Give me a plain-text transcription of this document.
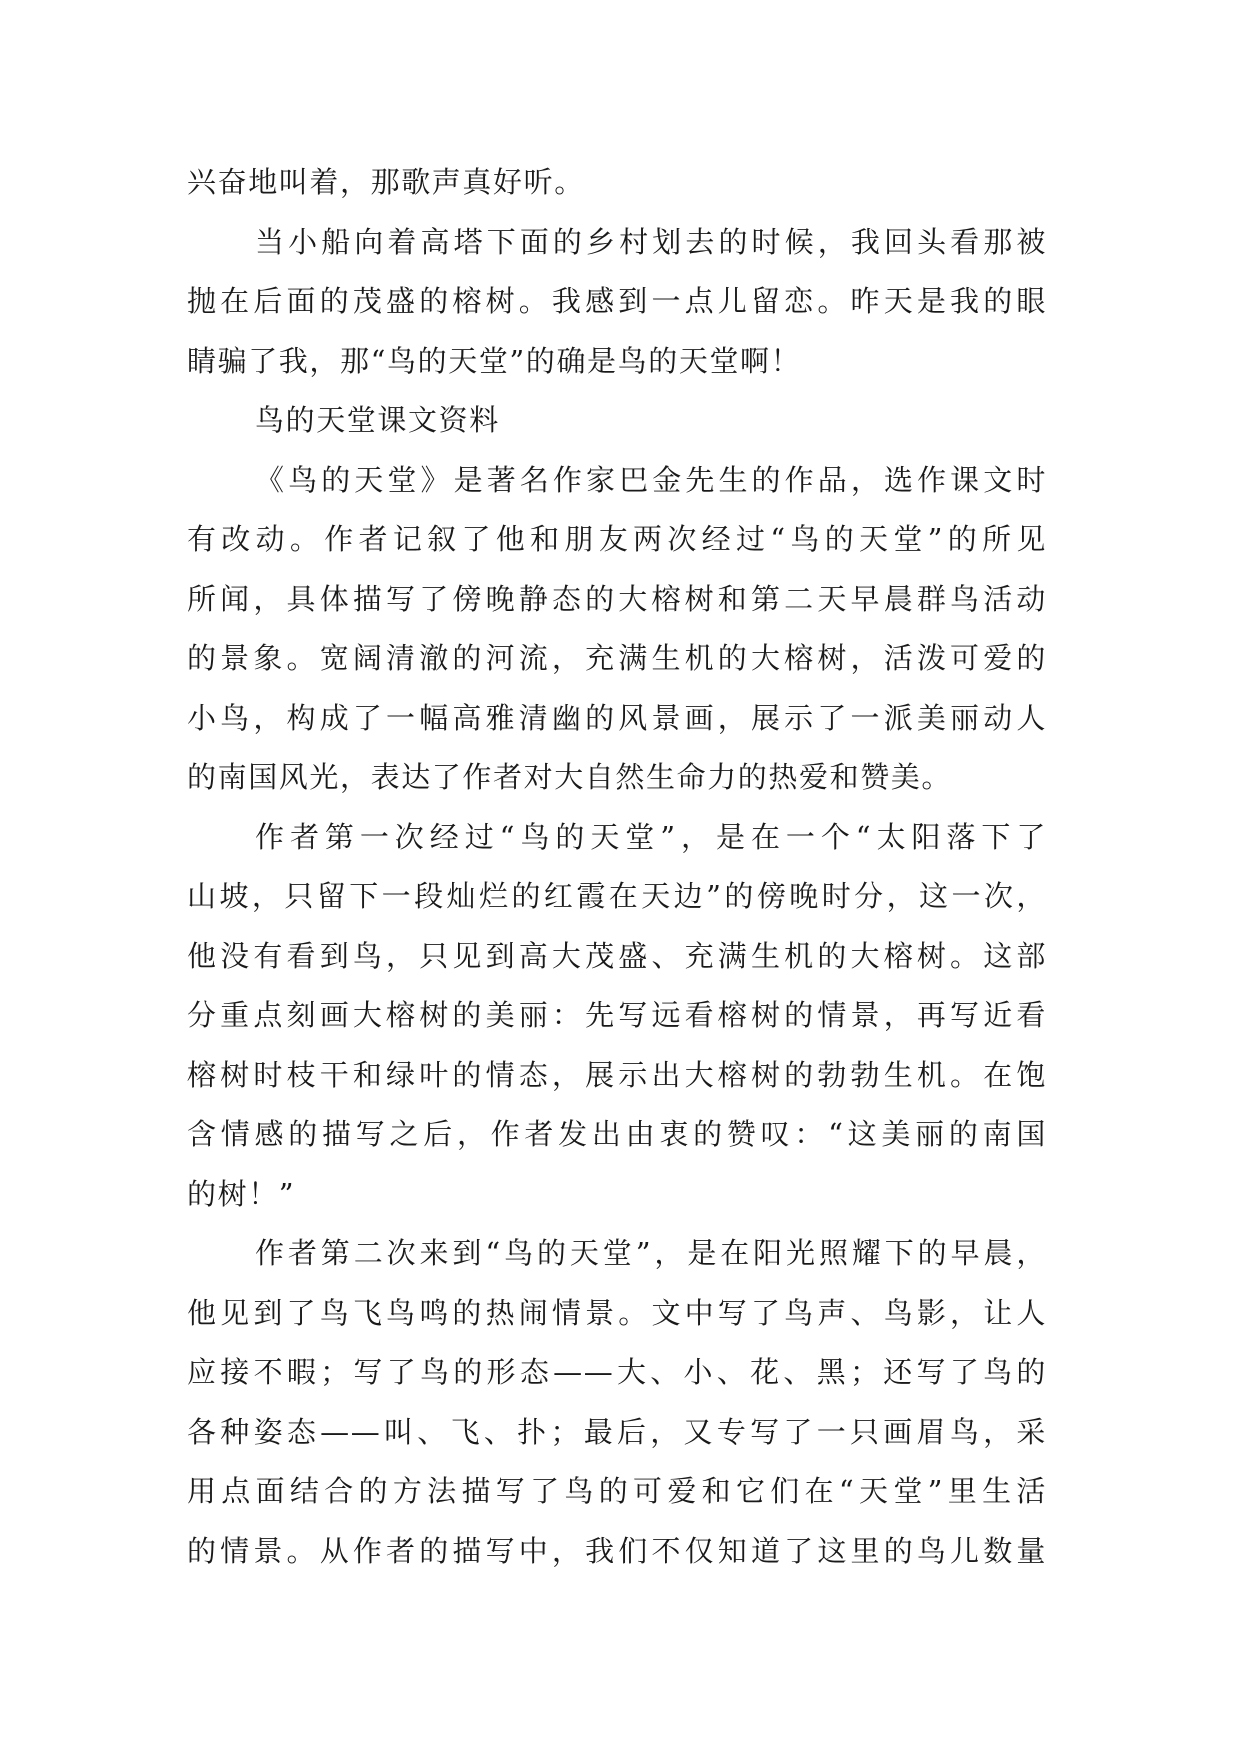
兴奋地叫着，那歌声真好听。
当小船向着高塔下面的乡村划去的时候，我回头看那被
抛在后面的茂盛的榕树。我感到一点儿留恋。昨天是我的眼
睛骗了我，那“鸟的天堂”的确是鸟的天堂啊！
鸟的天堂课文资料
《鸟的天堂》是著名作家巴金先生的作品，选作课文时
有改动。作者记叙了他和朋友两次经过“鸟的天堂”的所见
所闻，具体描写了傍晚静态的大榕树和第二天早晨群鸟活动
的景象。宽阔清澈的河流，充满生机的大榕树，活泼可爱的
小鸟，构成了一幅高雅清幽的风景画，展示了一派美丽动人
的南国风光，表达了作者对大自然生命力的热爱和赞美。
作者第一次经过“鸟的天堂”，是在一个“太阳落下了
山坡，只留下一段灿烂的红霞在天边”的傍晚时分，这一次，
他没有看到鸟，只见到高大茂盛、充满生机的大榕树。这部
分重点刻画大榕树的美丽：先写远看榕树的情景，再写近看
榕树时枝干和绿叶的情态，展示出大榕树的勃勃生机。在饱
含情感的描写之后，作者发出由衷的赞叹：“这美丽的南国
的树！”
作者第二次来到“鸟的天堂”，是在阳光照耀下的早晨，
他见到了鸟飞鸟鸣的热闹情景。文中写了鸟声、鸟影，让人
应接不暇；写了鸟的形态——大、小、花、黑；还写了鸟的
各种姿态——叫、飞、扑；最后，又专写了一只画眉鸟，采
用点面结合的方法描写了鸟的可爱和它们在“天堂”里生活
的情景。从作者的描写中，我们不仅知道了这里的鸟儿数量
